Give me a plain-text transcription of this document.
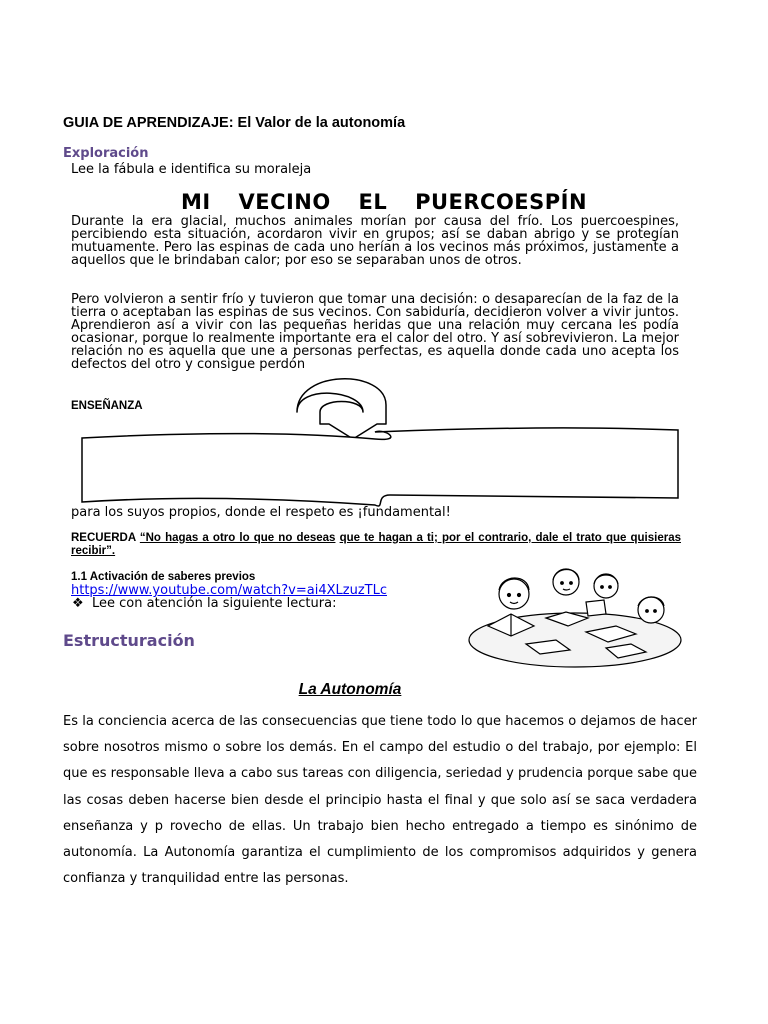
GUIA DE APRENDIZAJE: El Valor de la autonomía
Exploración
Lee la fábula e identifica su moraleja
MI VECINO EL PUERCOESPÍN
Durante la era glacial, muchos animales morían por causa del frío. Los puercoespines, percibiendo esta situación, acordaron vivir en grupos; así se daban abrigo y se protegían mutuamente. Pero las espinas de cada uno herían a los vecinos más próximos, justamente a aquellos que le brindaban calor; por eso se separaban unos de otros.
Pero volvieron a sentir frío y tuvieron que tomar una decisión: o desaparecían de la faz de la tierra o aceptaban las espinas de sus vecinos. Con sabiduría, decidieron volver a vivir juntos. Aprendieron así a vivir con las pequeñas heridas que una relación muy cercana les podía ocasionar, porque lo realmente importante era el calor del otro. Y así sobrevivieron. La mejor relación no es aquella que une a personas perfectas, es aquella donde cada uno acepta los defectos del otro y consigue perdón
ENSEÑANZA
para los suyos propios, donde el respeto es ¡fundamental!
RECUERDA “No hagas a otro lo que no deseas que te hagan a ti; por el contrario, dale el trato que quisieras recibir”.
1.1 Activación de saberes previos
https://www.youtube.com/watch?v=ai4XLzuzTLc
❖ Lee con atención la siguiente lectura:
Estructuración
La Autonomía
Es la conciencia acerca de las consecuencias que tiene todo lo que hacemos o dejamos de hacer sobre nosotros mismo o sobre los demás. En el campo del estudio o del trabajo, por ejemplo: El que es responsable lleva a cabo sus tareas con diligencia, seriedad y prudencia porque sabe que las cosas deben hacerse bien desde el principio hasta el final y que solo así se saca verdadera enseñanza y p rovecho de ellas. Un trabajo bien hecho entregado a tiempo es sinónimo de autonomía. La Autonomía garantiza el cumplimiento de los compromisos adquiridos y genera confianza y tranquilidad entre las personas.
